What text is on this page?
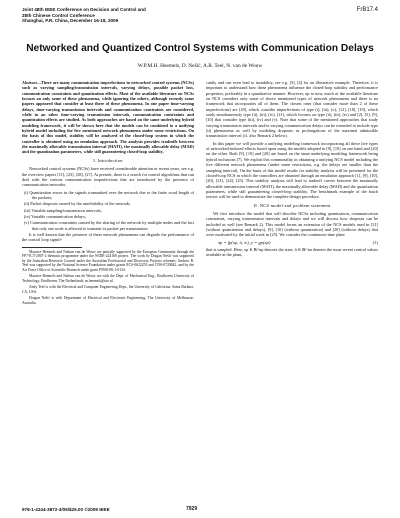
Joint 48th IEEE Conference on Decision and Control and
28th Chinese Control Conference
Shanghai, P.R. China, December 16-18, 2009
FrB17.4
Networked and Quantized Control Systems with Communication Delays
W.P.M.H. Heemels, D. Nešić, A.R. Teel, N. van de Wouw

Abstract—There are many communication imperfections in networked control systems (NCSs) such as varying sampling/transmission intervals, varying delays, possible packet loss, communication constraints and quantization effects. Most of the available literature on NCSs focuses on only some of these phenomena, while ignoring the others, although recently some papers appeared that consider at least three of these phenomena. In one paper time-varying delays, time-varying transmission intervals and communication constraints are considered, while in an other time-varying transmission intervals, communication constraints and quantization effects are studied. As both approaches are based on the same underlying hybrid modeling framework, it will be shown here that the models can be combined to a unifying hybrid model including the five mentioned network phenomena under some restrictions. On the basis of this model, stability will be analyzed of the closed-loop system in which the controller is obtained using an emulation approach. The analysis provides tradeoffs between the maximally allowable transmission interval (MATI), the maximally allowable delay (MAD) and the quantization parameters, while still guaranteeing closed-loop stability.

I. Introduction

Networked control systems (NCSs) have received considerable attention in recent years, see e.g. the overview papers [11], [23], [28], [27]. At present, there is a search for control algorithms that can deal with the various communication imperfections that are introduced by the presence of communication networks:

(i) Quantization errors in the signals transmitted over the network due to the finite word length of the packets;
(ii) Packet dropouts caused by the unreliability of the network;
(iii) Variable sampling/transmission intervals;
(iv) Variable communication delays;
(v) Communication constraints caused by the sharing of the network by multiple nodes and the fact that only one node is allowed to transmit its packet per transmission.

It is well known that the presence of these network phenomena can degrade the performance of the control loop signifi-

Maurice Heemels and Nathan van de Wouw are partially supported by the European Community through the FP7-ICT-2007-2 thematic programme under the WIDE-224168 project. The work by Dragan Nešić was supported by the Australian Research Council under the Australian Professorial and Discovery Projects schemes. Andrew R. Teel was supported by the National Science Foundation under grants ECS-0622253 and CNS-0720842, and by the Air Force Office of Scientific Research under grant F9550-06-1-0134.

Maurice Heemels and Nathan van de Wouw are with the Dept. of Mechanical Eng., Eindhoven University of Technology, Eindhoven, The Netherlands, m.heemels@tue.nl.

Andy Teel is with the Electrical and Computer Engineering Dept., the University of California, Santa Barbara, CA, USA.

Dragan Nešić is with Department of Electrical and Electronic Engineering, The University of Melbourne, Australia.

cantly and can even lead to instability, see e.g. [3], [4] for an illustrative example. Therefore, it is important to understand how these phenomena influence the closed-loop stability and performance properties, preferably in a quantitative manner. However, up to now, much of the available literature on NCS considers only some of above mentioned types of network phenomena and there is no framework that incorporates all of them. The closest ones (that consider more than 2 of these imperfections) are [20], which consider imperfections of type (i), (iii), (v), [12], [18], [19], which study simultaneously type (ii), (iii), (iv), [21], which focuses on type (ii), (iii), (iv) and [2], [5], [9], [10] that consider type (iii), (iv) and (v). Note that some of the mentioned approaches that study varying transmission intervals and/or varying communication delays can be extended to include type (ii) phenomena as well by modeling dropouts as prolongations of the maximal admissible transmission interval (cf. also Remark 2 below).

In this paper we will provide a unifying modeling framework incorporating all these five types of networked-induced effects based upon using the models adopted in [9], [10] on one hand and [20] on the other. Both [9], [10] and [20] are based on the same underlying modeling framework being hybrid inclusions [7]. We exploit this commonality in obtaining a unifying NCS model including the five different network phenomena (under some restrictions, e.g. the delays are smaller than the sampling interval). On the basis of this model results for stability analysis will be presented for the closed-loop NCS in which the controllers are obtained through an emulation approach [1], [9], [10], [20], [21], [24], [25]. This stability analysis will lead to tradeoff curves between the maximally allowable transmission interval (MATI), the maximally allowable delay (MAD) and the quantization parameters, while still guaranteeing closed-loop stability. The benchmark example of the batch reactor will be used to demonstrate the complete design procedure.

II. NCS model and problem statement

We first introduce the model that will describe NCSs including quantization, communication constraints, varying transmission intervals and delays and we will discuss how dropouts can be included as well (see Remark 2). This model forms an extension of the NCS models used in [21] (without quantization and delays), [9], [10] (without quantization) and [20] (without delays) that were motivated by the initial work in [25]. We consider the continuous-time plant

ẋp = fp(xp, û, w), y = gp(xp)	(1)

that is sampled. Here, xp ∈ ℝ^np denotes the state, û ∈ ℝ^nu denotes the most recent control values available at the plant,

978-1-4244-3872-3/09/$25.00 ©2009 IEEE	7929
